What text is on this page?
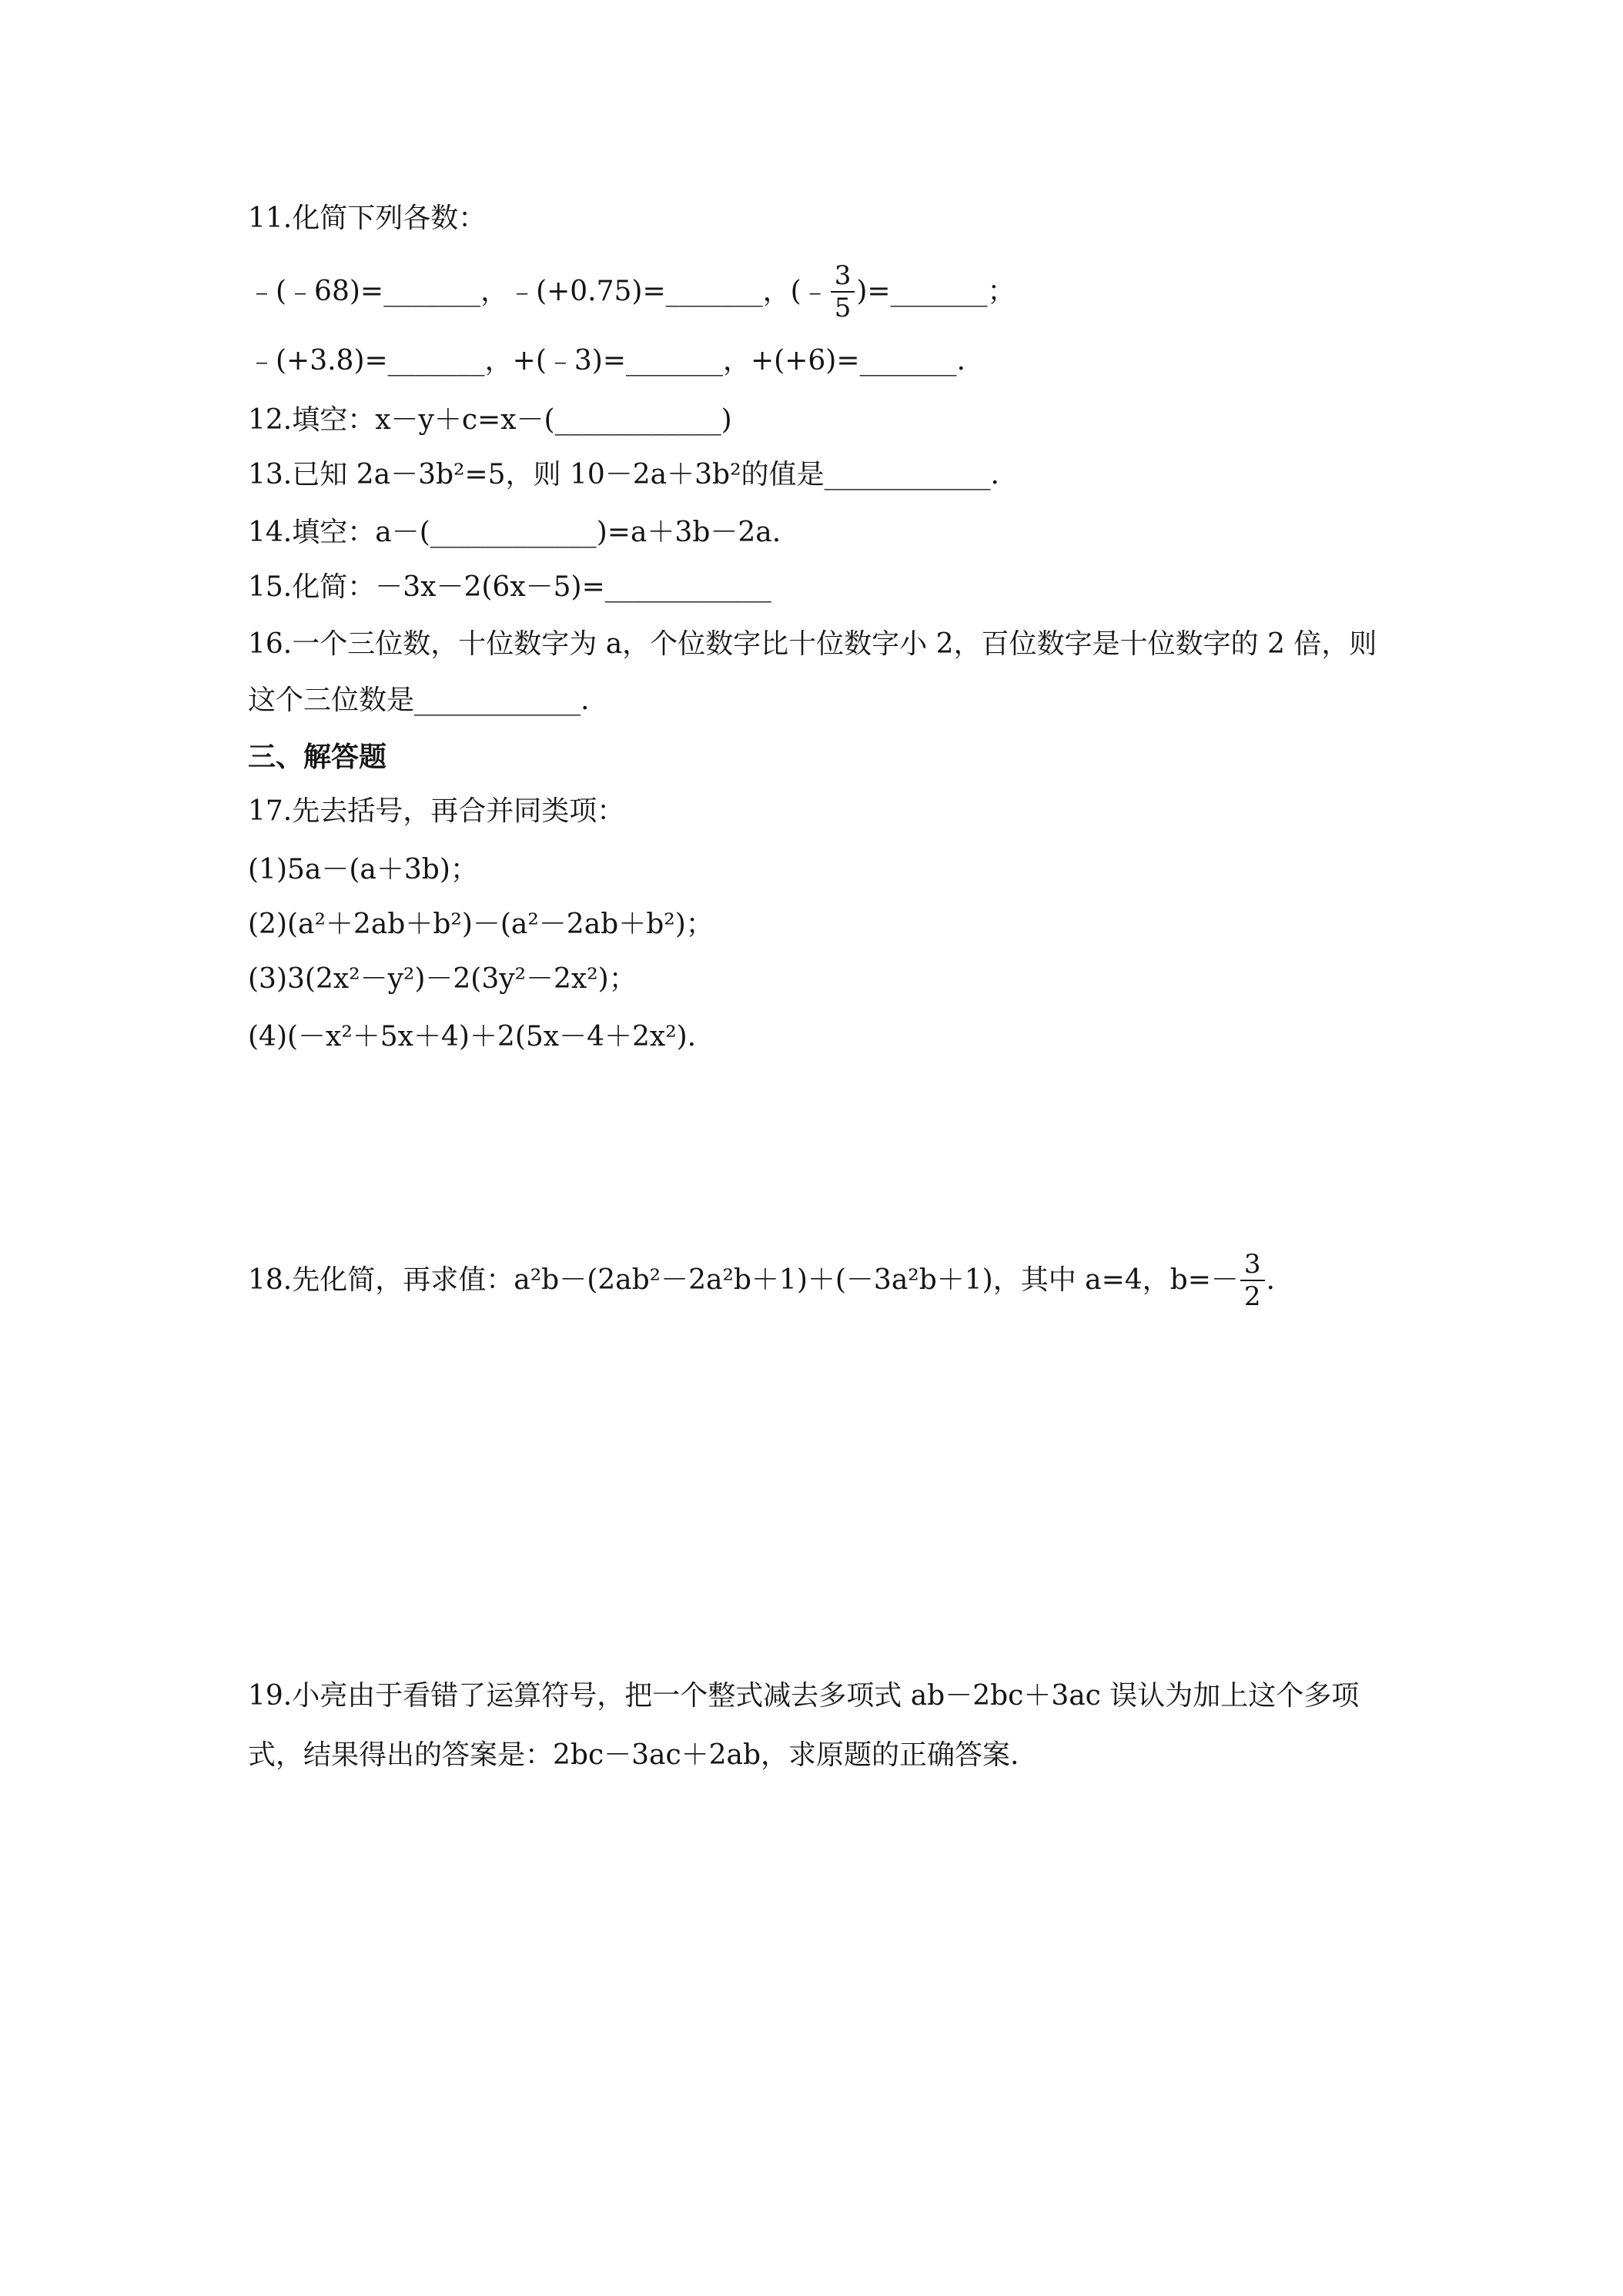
11.化简下列各数：
﹣(﹣68)=_______，﹣(+0.75)=_______，(﹣ $\frac{3}{5}$ )=_______；
﹣(+3.8)=_______，+(﹣3)=_______，+(+6)=_______.
12.填空：x－y＋c=x－(____________)
13.已知 2a－3b²=5，则 10－2a＋3b²的值是____________.
14.填空：a－(____________)=a＋3b－2a.
15.化简：－3x－2(6x－5)=____________
16.一个三位数，十位数字为 a，个位数字比十位数字小 2，百位数字是十位数字的 2 倍，则
这个三位数是____________.
三、解答题
17.先去括号，再合并同类项：
(1)5a－(a＋3b)；
(2)(a²＋2ab＋b²)－(a²－2ab＋b²)；
(3)3(2x²－y²)－2(3y²－2x²)；
(4)(－x²＋5x＋4)＋2(5x－4＋2x²).
18.先化简，再求值：a²b－(2ab²－2a²b＋1)＋(－3a²b＋1)，其中 a=4，$b=- \frac{3}{2}$ .
19.小亮由于看错了运算符号，把一个整式减去多项式 ab－2bc＋3ac 误认为加上这个多项
式，结果得出的答案是：2bc－3ac＋2ab，求原题的正确答案.
